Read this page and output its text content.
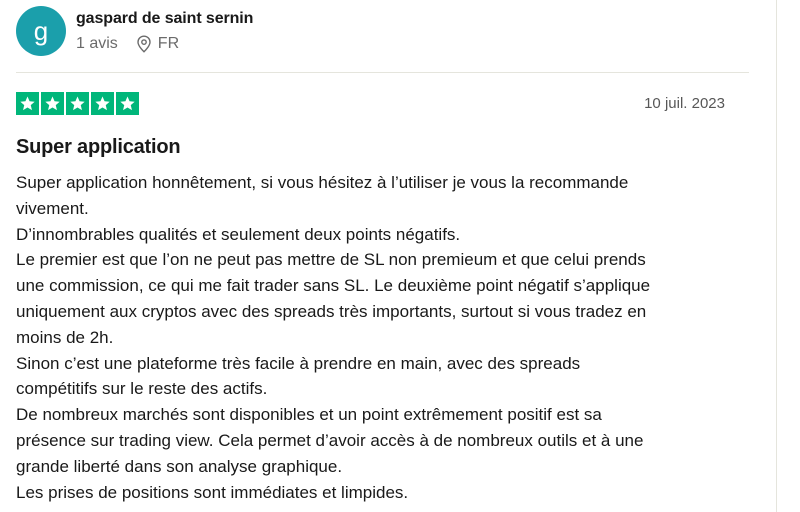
g gaspard de saint sernin
1 avis	FR
10 juil. 2023
Super application
Super application honnêtement, si vous hésitez à l’utiliser je vous la recommande
vivement.
D’innombrables qualités et seulement deux points négatifs.
Le premier est que l’on ne peut pas mettre de SL non premieum et que celui prends
une commission, ce qui me fait trader sans SL. Le deuxième point négatif s’applique
uniquement aux cryptos avec des spreads très importants, surtout si vous tradez en
moins de 2h.
Sinon c’est une plateforme très facile à prendre en main, avec des spreads
compétitifs sur le reste des actifs.
De nombreux marchés sont disponibles et un point extrêmement positif est sa
présence sur trading view. Cela permet d’avoir accès à de nombreux outils et à une
grande liberté dans son analyse graphique.
Les prises de positions sont immédiates et limpides.
